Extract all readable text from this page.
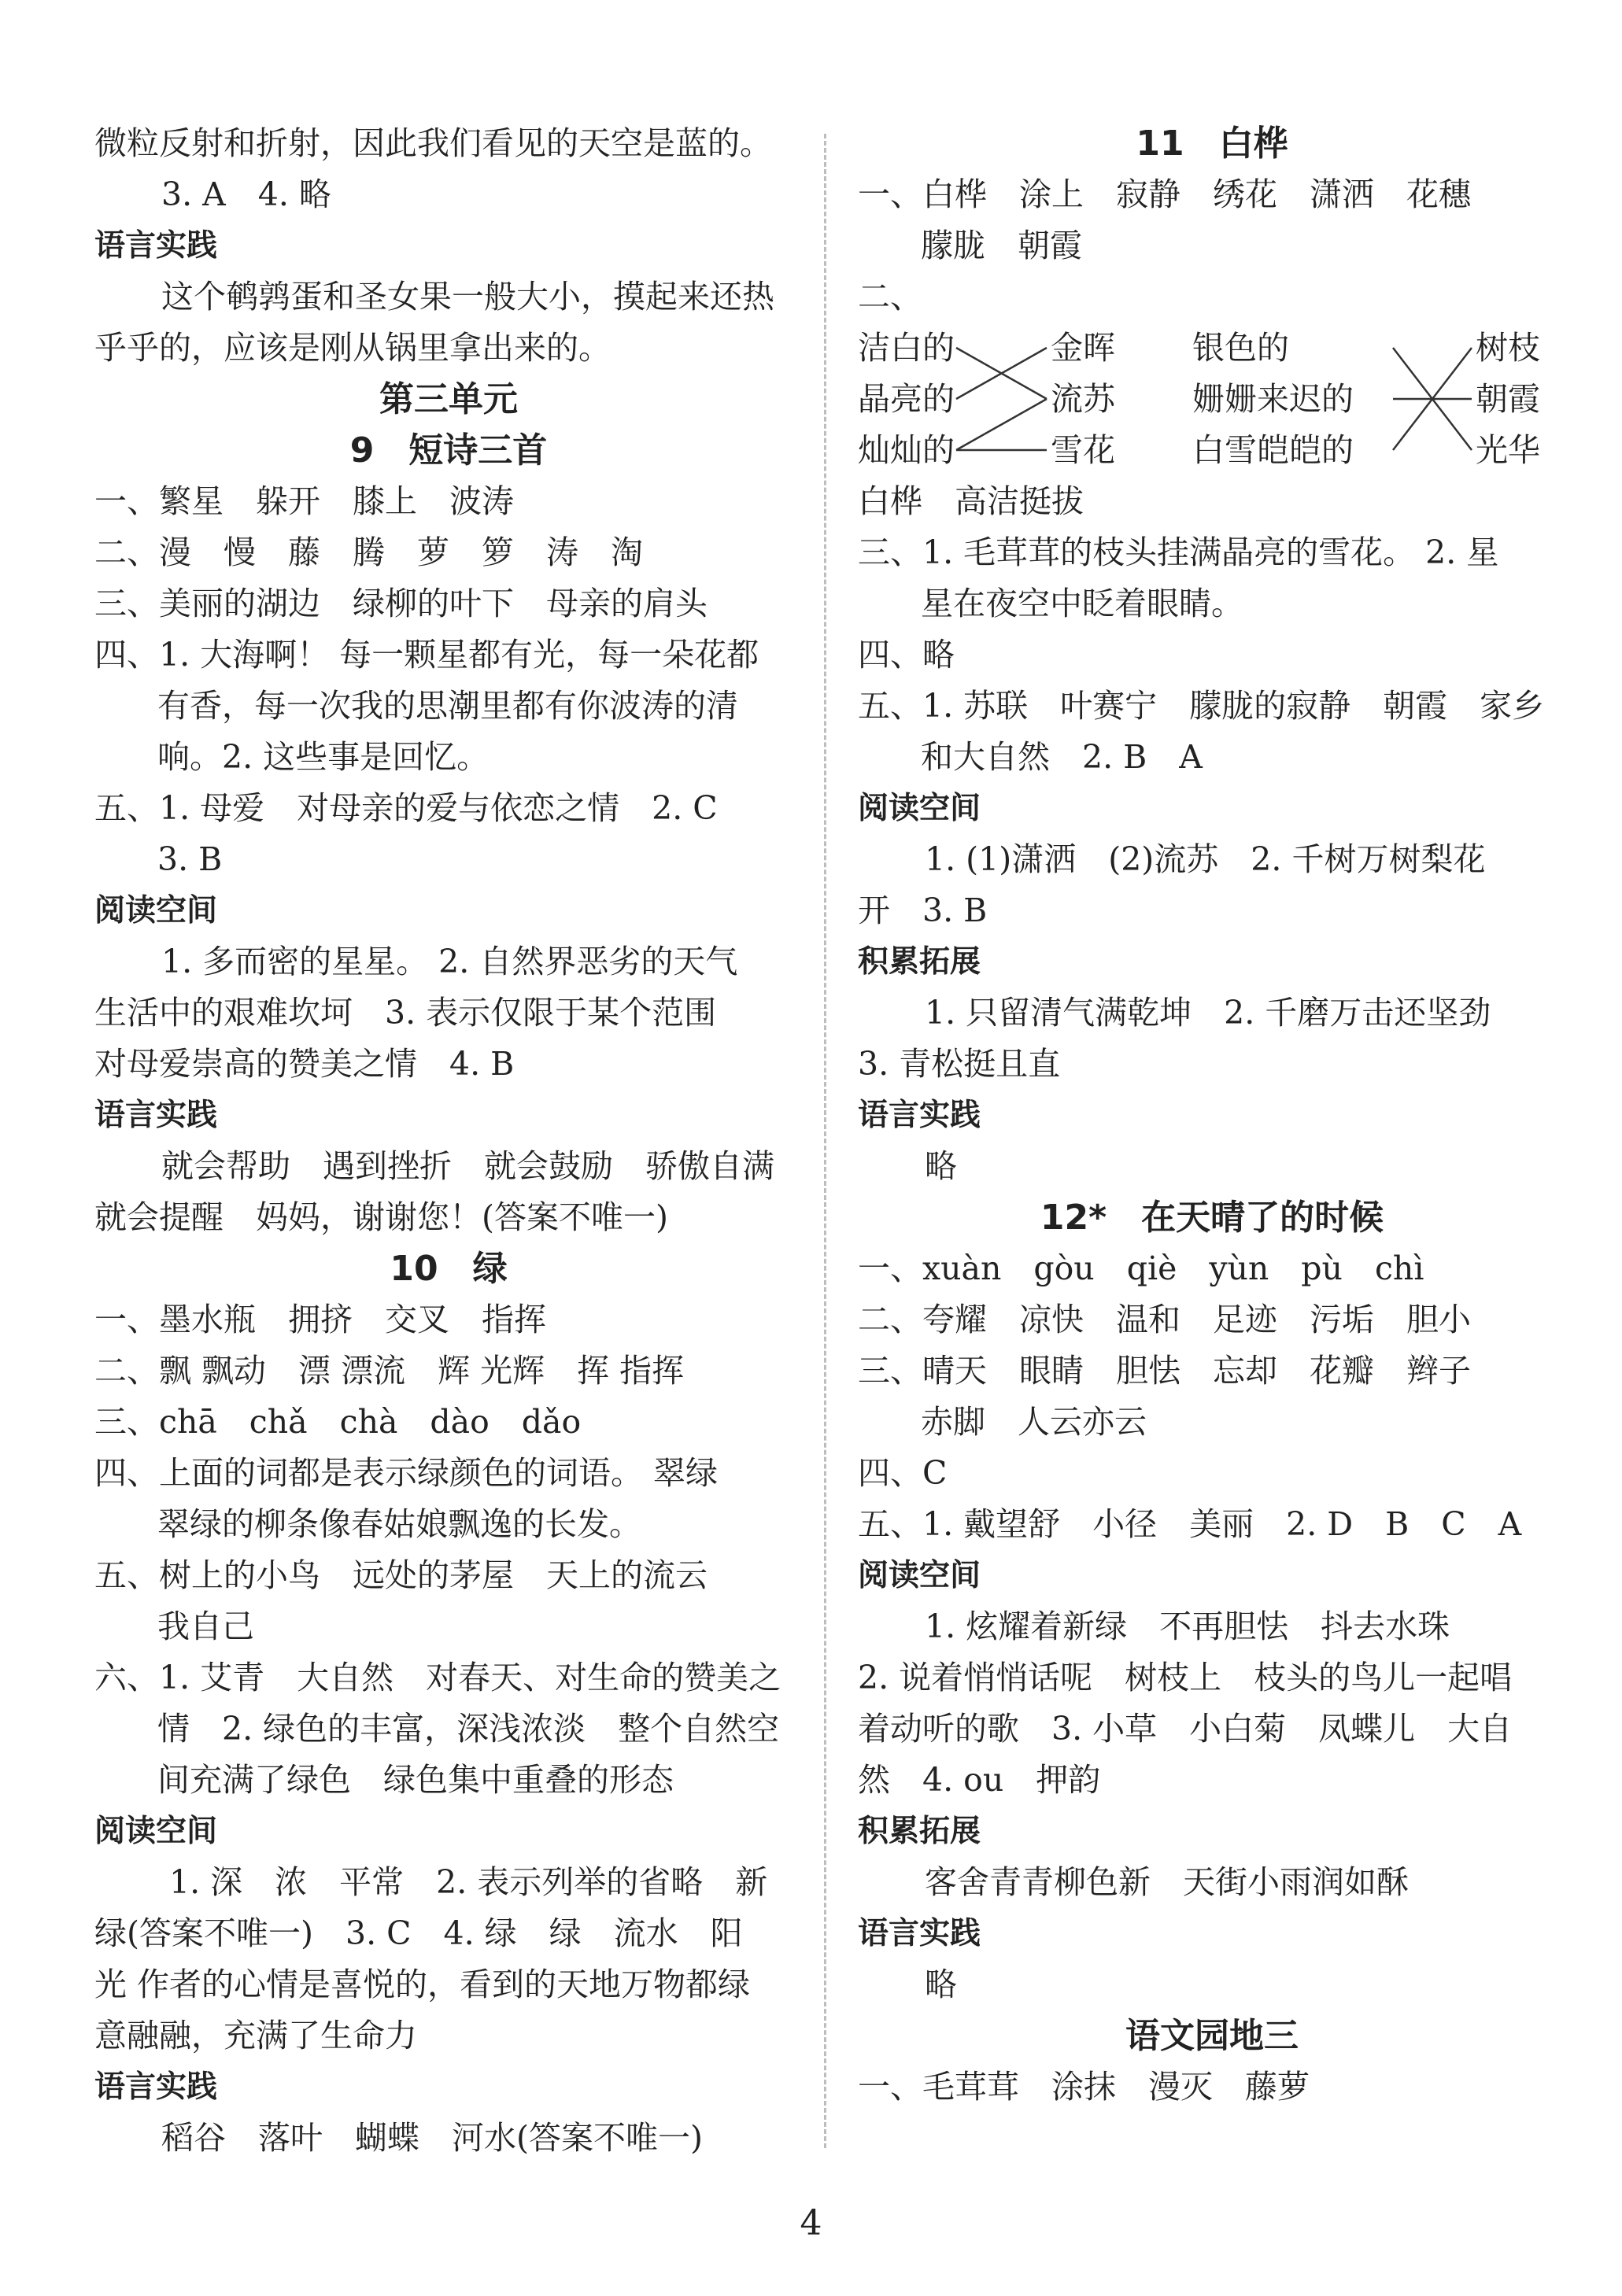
微粒反射和折射，因此我们看见的天空是蓝的。
3. A　4. 略
语言实践
这个鹌鹑蛋和圣女果一般大小，摸起来还热
乎乎的，应该是刚从锅里拿出来的。
第三单元
9　短诗三首
一、繁星　躲开　膝上　波涛
二、漫　慢　藤　腾　萝　箩　涛　淘
三、美丽的湖边　绿柳的叶下　母亲的肩头
四、1. 大海啊！ 每一颗星都有光，每一朵花都
有香，每一次我的思潮里都有你波涛的清
响。2. 这些事是回忆。
五、1. 母爱　对母亲的爱与依恋之情　2. C
3. B
阅读空间
1. 多而密的星星。 2. 自然界恶劣的天气
生活中的艰难坎坷　3. 表示仅限于某个范围
对母爱崇高的赞美之情　4. B
语言实践
就会帮助　遇到挫折　就会鼓励　骄傲自满
就会提醒　妈妈，谢谢您！(答案不唯一)
10　绿
一、墨水瓶　拥挤　交叉　指挥
二、飘 飘动　漂 漂流　辉 光辉　挥 指挥
三、chā　chǎ　chà　dào　dǎo
四、上面的词都是表示绿颜色的词语。 翠绿
翠绿的柳条像春姑娘飘逸的长发。
五、树上的小鸟　远处的茅屋　天上的流云
我自己
六、1. 艾青　大自然　对春天、对生命的赞美之
情　2. 绿色的丰富，深浅浓淡　整个自然空
间充满了绿色　绿色集中重叠的形态
阅读空间
1. 深　浓　平常　2. 表示列举的省略　新
绿(答案不唯一)　3. C　4. 绿　绿　流水　阳
光 作者的心情是喜悦的，看到的天地万物都绿
意融融，充满了生命力
语言实践
稻谷　落叶　蝴蝶　河水(答案不唯一)
11　白桦
一、白桦　涂上　寂静　绣花　潇洒　花穗
朦胧　朝霞
二、
洁白的
晶亮的
灿灿的
金晖
流苏
雪花
银色的
姗姗来迟的
白雪皑皑的
树枝
朝霞
光华
白桦　高洁挺拔
三、1. 毛茸茸的枝头挂满晶亮的雪花。 2. 星
星在夜空中眨着眼睛。
四、略
五、1. 苏联　叶赛宁　朦胧的寂静　朝霞　家乡
和大自然　2. B　A
阅读空间
1. (1)潇洒　(2)流苏　2. 千树万树梨花
开　3. B
积累拓展
1. 只留清气满乾坤　2. 千磨万击还坚劲
3. 青松挺且直
语言实践
略
12*　在天晴了的时候
一、xuàn　gòu　qiè　yùn　pù　chì
二、夸耀　凉快　温和　足迹　污垢　胆小
三、晴天　眼睛　胆怯　忘却　花瓣　辫子
赤脚　人云亦云
四、C
五、1. 戴望舒　小径　美丽　2. D　B　C　A
阅读空间
1. 炫耀着新绿　不再胆怯　抖去水珠
2. 说着悄悄话呢　树枝上　枝头的鸟儿一起唱
着动听的歌　3. 小草　小白菊　凤蝶儿　大自
然　4. ou　押韵
积累拓展
客舍青青柳色新　天街小雨润如酥
语言实践
略
语文园地三
一、毛茸茸　涂抹　漫灭　藤萝
4
